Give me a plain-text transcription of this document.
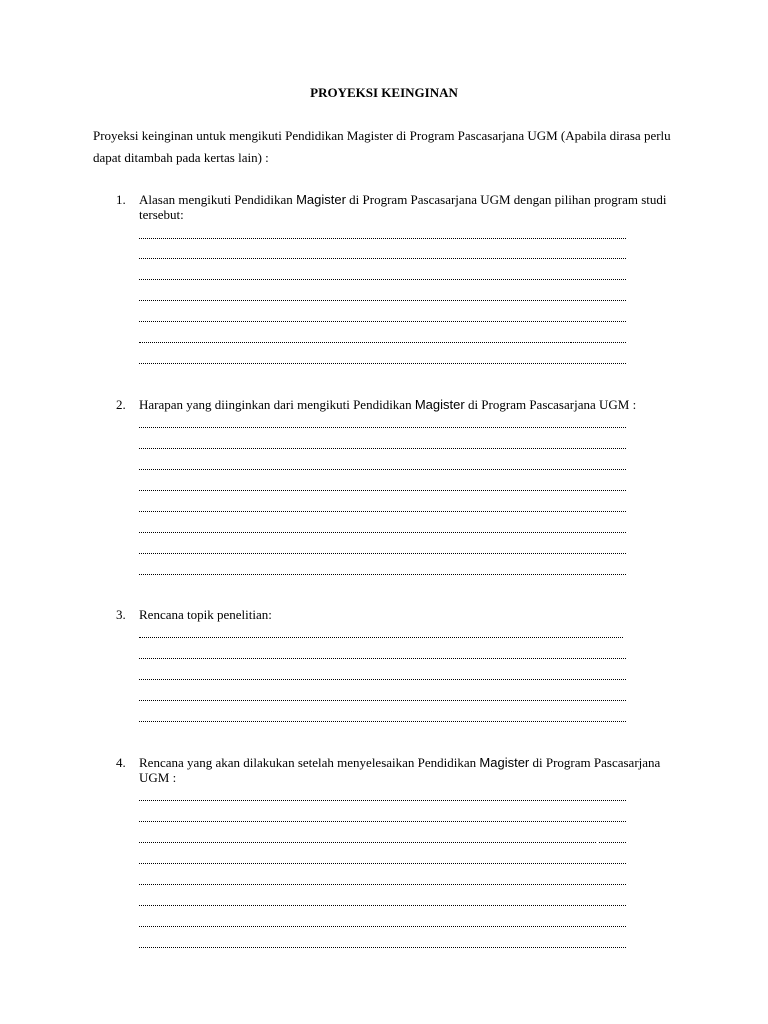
PROYEKSI KEINGINAN
Proyeksi keinginan untuk mengikuti Pendidikan Magister di Program Pascasarjana UGM (Apabila dirasa perlu dapat ditambah pada kertas lain) :
1. Alasan mengikuti Pendidikan Magister di Program Pascasarjana UGM dengan pilihan program studi tersebut:
2. Harapan yang diinginkan dari mengikuti Pendidikan Magister di Program Pascasarjana UGM :
3. Rencana topik penelitian:
4. Rencana yang akan dilakukan setelah menyelesaikan Pendidikan Magister di Program Pascasarjana UGM :
